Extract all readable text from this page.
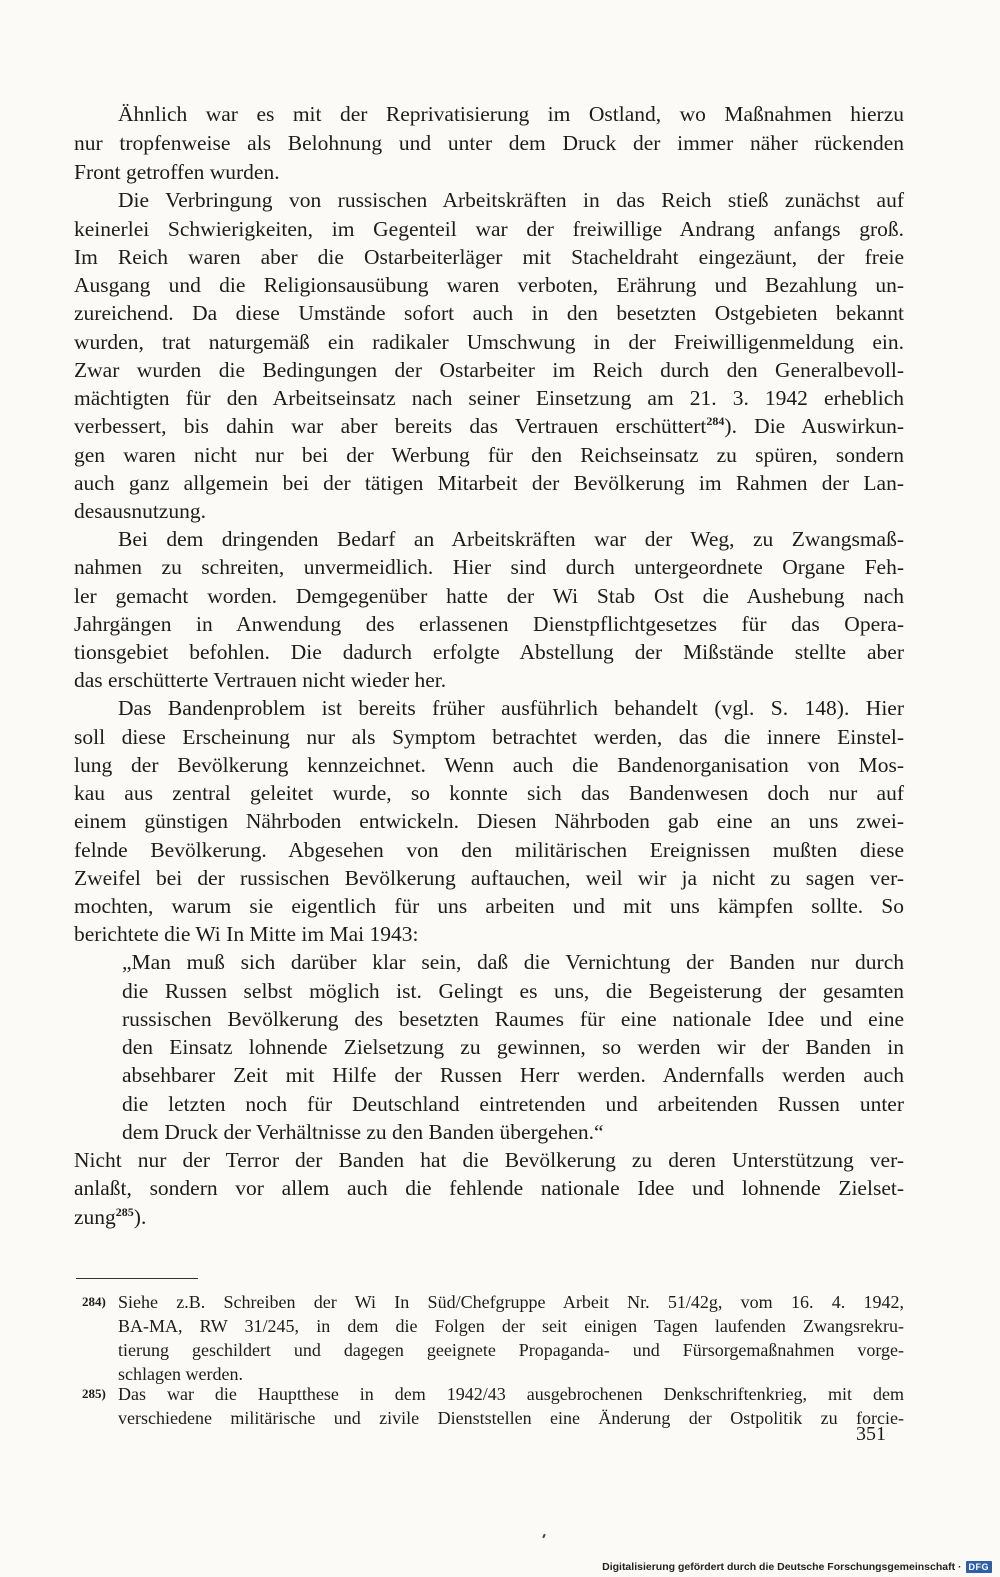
Ähnlich war es mit der Reprivatisierung im Ostland, wo Maßnahmen hierzu
nur tropfenweise als Belohnung und unter dem Druck der immer näher rückenden
Front getroffen wurden.
Die Verbringung von russischen Arbeitskräften in das Reich stieß zunächst auf
keinerlei Schwierigkeiten, im Gegenteil war der freiwillige Andrang anfangs groß.
Im Reich waren aber die Ostarbeiterläger mit Stacheldraht eingezäunt, der freie
Ausgang und die Religionsausübung waren verboten, Erährung und Bezahlung un-
zureichend. Da diese Umstände sofort auch in den besetzten Ostgebieten bekannt
wurden, trat naturgemäß ein radikaler Umschwung in der Freiwilligenmeldung ein.
Zwar wurden die Bedingungen der Ostarbeiter im Reich durch den Generalbevoll-
mächtigten für den Arbeitseinsatz nach seiner Einsetzung am 21. 3. 1942 erheblich
verbessert, bis dahin war aber bereits das Vertrauen erschüttert$^{284}$). Die Auswirkun-
gen waren nicht nur bei der Werbung für den Reichseinsatz zu spüren, sondern
auch ganz allgemein bei der tätigen Mitarbeit der Bevölkerung im Rahmen der Lan-
desausnutzung.
Bei dem dringenden Bedarf an Arbeitskräften war der Weg, zu Zwangsmaß-
nahmen zu schreiten, unvermeidlich. Hier sind durch untergeordnete Organe Feh-
ler gemacht worden. Demgegenüber hatte der Wi Stab Ost die Aushebung nach
Jahrgängen in Anwendung des erlassenen Dienstpflichtgesetzes für das Opera-
tionsgebiet befohlen. Die dadurch erfolgte Abstellung der Mißstände stellte aber
das erschütterte Vertrauen nicht wieder her.
Das Bandenproblem ist bereits früher ausführlich behandelt (vgl. S. 148). Hier
soll diese Erscheinung nur als Symptom betrachtet werden, das die innere Einstel-
lung der Bevölkerung kennzeichnet. Wenn auch die Bandenorganisation von Mos-
kau aus zentral geleitet wurde, so konnte sich das Bandenwesen doch nur auf
einem günstigen Nährboden entwickeln. Diesen Nährboden gab eine an uns zwei-
felnde Bevölkerung. Abgesehen von den militärischen Ereignissen mußten diese
Zweifel bei der russischen Bevölkerung auftauchen, weil wir ja nicht zu sagen ver-
mochten, warum sie eigentlich für uns arbeiten und mit uns kämpfen sollte. So
berichtete die Wi In Mitte im Mai 1943:
„Man muß sich darüber klar sein, daß die Vernichtung der Banden nur durch
die Russen selbst möglich ist. Gelingt es uns, die Begeisterung der gesamten
russischen Bevölkerung des besetzten Raumes für eine nationale Idee und eine
den Einsatz lohnende Zielsetzung zu gewinnen, so werden wir der Banden in
absehbarer Zeit mit Hilfe der Russen Herr werden. Andernfalls werden auch
die letzten noch für Deutschland eintretenden und arbeitenden Russen unter
dem Druck der Verhältnisse zu den Banden übergehen.“
Nicht nur der Terror der Banden hat die Bevölkerung zu deren Unterstützung ver-
anlaßt, sondern vor allem auch die fehlende nationale Idee und lohnende Zielset-
zung$^{285}$).
284) Siehe z.B. Schreiben der Wi In Süd/Chefgruppe Arbeit Nr. 51/42g, vom 16. 4. 1942,
BA-MA, RW 31/245, in dem die Folgen der seit einigen Tagen laufenden Zwangsrekru-
tierung geschildert und dagegen geeignete Propaganda- und Fürsorgemaßnahmen vorge-
schlagen werden.
285) Das war die Hauptthese in dem 1942/43 ausgebrochenen Denkschriftenkrieg, mit dem
verschiedene militärische und zivile Dienststellen eine Änderung der Ostpolitik zu forcie-
351
Digitalisierung gefördert durch die Deutsche Forschungsgemeinschaft · DFG
